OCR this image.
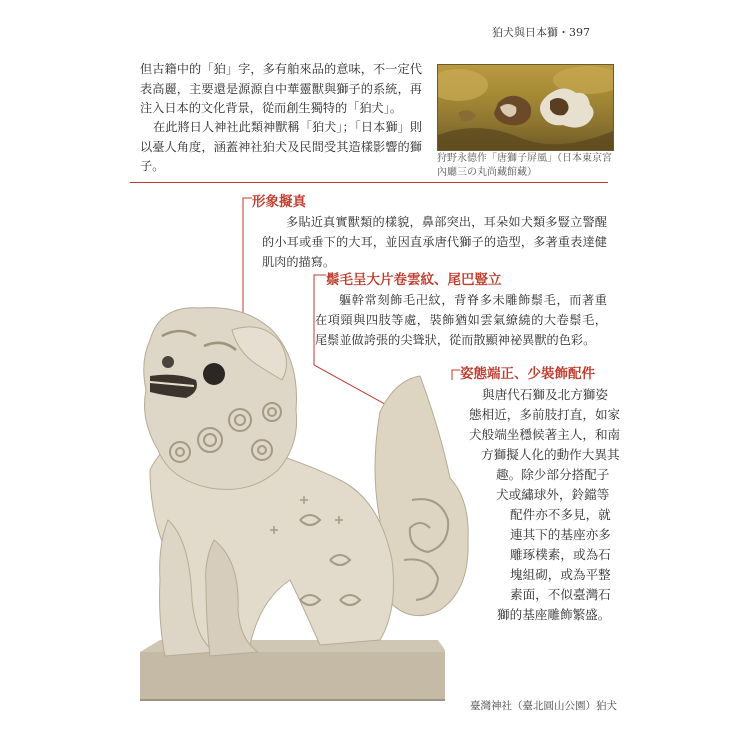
狛犬與日本獅・397
但古籍中的「狛」字，多有舶來品的意味，不一定代表高麗，主要還是源源自中華靈獸與獅子的系統，再注入日本的文化背景，從而創生獨特的「狛犬」。
在此將日人神社此類神獸稱「狛犬」；「日本獅」則以臺人角度，涵蓋神社狛犬及民間受其造樣影響的獅子。
狩野永德作「唐獅子屏風」（日本東京宮內廳三の丸尚藏館藏）
形象擬真
多貼近真實獸類的樣貌，鼻部突出，耳朵如犬類多豎立警醒的小耳或垂下的大耳，並因直承唐代獅子的造型，多著重表達健肌肉的描寫。
鬃毛呈大片卷雲紋、尾巴豎立
軀幹常刻飾毛卍紋，背脊多未雕飾鬃毛，而著重在項頸與四肢等處，裝飾猶如雲氣繚繞的大卷鬃毛，尾鬃並做誇張的尖聳狀，從而散顯神祕異獸的色彩。
姿態端正、少裝飾配件
與唐代石獅及北方獅姿
態相近，多前肢打直，如家
犬般端坐穩候著主人，和南
方獅擬人化的動作大異其
趣。除少部分搭配子
犬或繡球外，鈴鐺等
配件亦不多見，就
連其下的基座亦多
雕琢樸素，或為石
塊組砌，或為平整
素面，不似臺灣石
獅的基座雕飾繁盛。
臺灣神社（臺北圓山公園）狛犬
